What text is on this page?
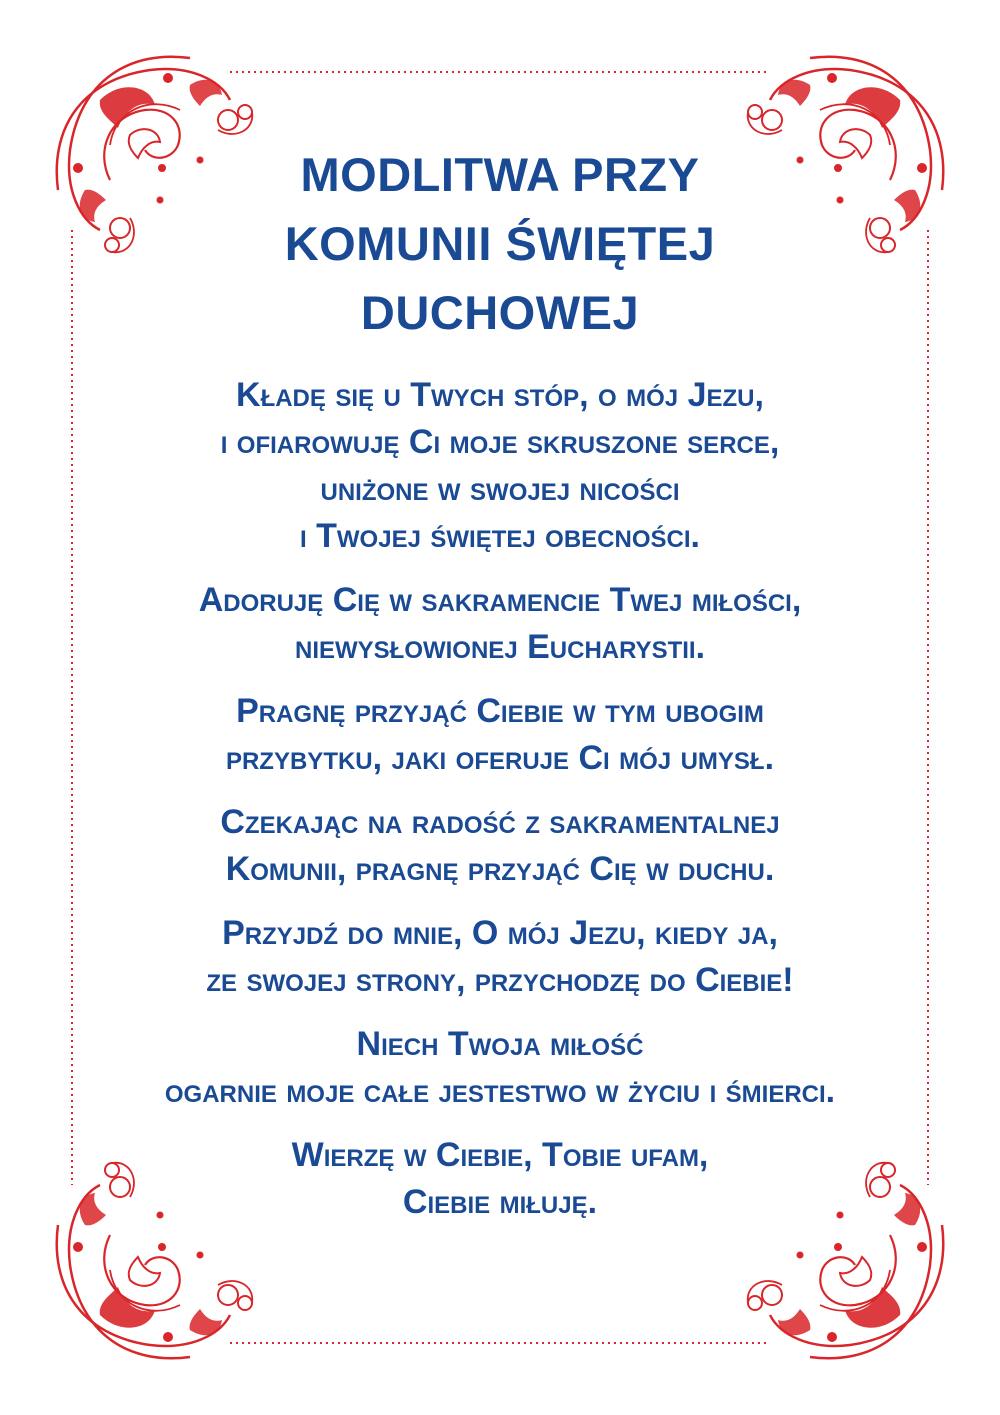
MODLITWA PRZY
KOMUNII ŚWIĘTEJ
DUCHOWEJ

Kładę się u Twych stóp, o mój Jezu,
i ofiarowuję Ci moje skruszone serce,
uniżone w swojej nicości
i Twojej świętej obecności.

Adoruję Cię w sakramencie Twej miłości,
niewysłowionej Eucharystii.

Pragnę przyjąć Ciebie w tym ubogim
przybytku, jaki oferuje Ci mój umysł.

Czekając na radość z sakramentalnej
Komunii, pragnę przyjąć Cię w duchu.

Przyjdź do mnie, O mój Jezu, kiedy ja,
ze swojej strony, przychodzę do Ciebie!

Niech Twoja miłość
ogarnie moje całe jestestwo w życiu i śmierci.

Wierzę w Ciebie, Tobie ufam,
Ciebie miłuję.
